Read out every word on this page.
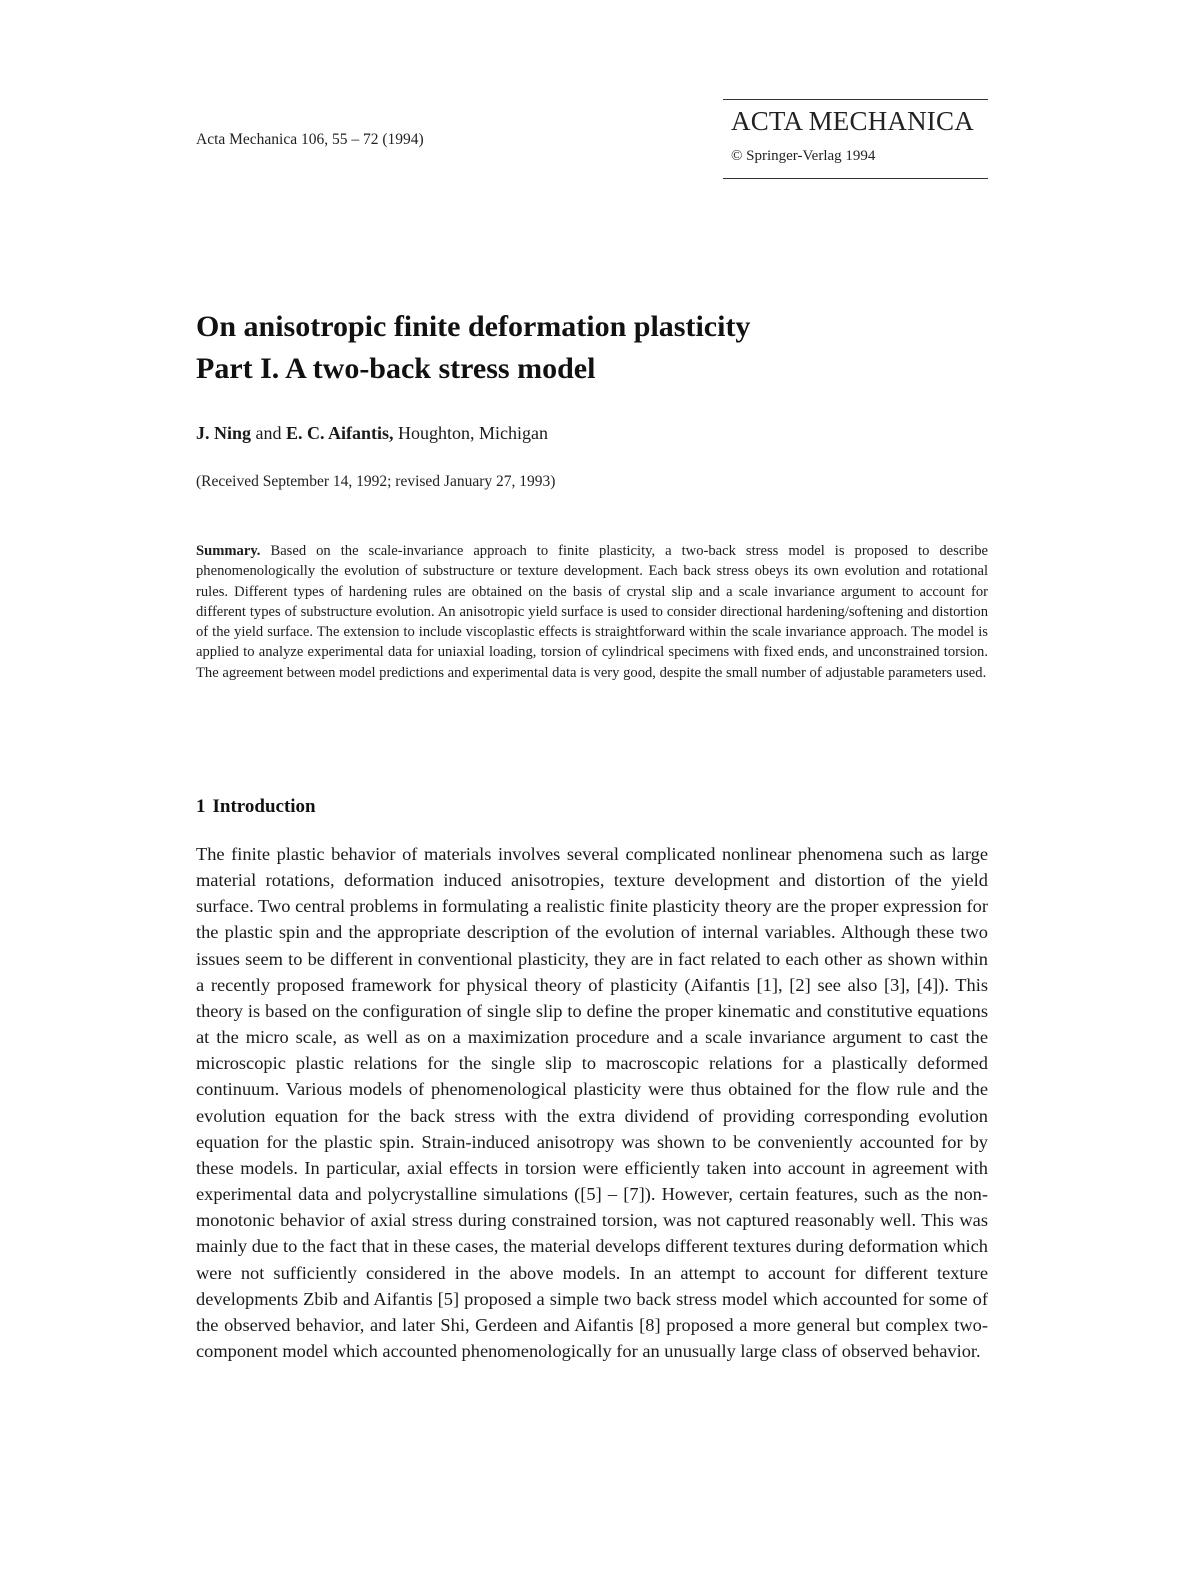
Acta Mechanica 106, 55 – 72 (1994)
ACTA MECHANICA
© Springer-Verlag 1994
On anisotropic finite deformation plasticity
Part I. A two-back stress model
J. Ning and E. C. Aifantis, Houghton, Michigan
(Received September 14, 1992; revised January 27, 1993)

Summary. Based on the scale-invariance approach to finite plasticity, a two-back stress model is proposed to describe phenomenologically the evolution of substructure or texture development. Each back stress obeys its own evolution and rotational rules. Different types of hardening rules are obtained on the basis of crystal slip and a scale invariance argument to account for different types of substructure evolution. An anisotropic yield surface is used to consider directional hardening/softening and distortion of the yield surface. The extension to include viscoplastic effects is straightforward within the scale invariance approach. The model is applied to analyze experimental data for uniaxial loading, torsion of cylindrical specimens with fixed ends, and unconstrained torsion. The agreement between model predictions and experimental data is very good, despite the small number of adjustable parameters used.

1 Introduction

The finite plastic behavior of materials involves several complicated nonlinear phenomena such as large material rotations, deformation induced anisotropies, texture development and distortion of the yield surface. Two central problems in formulating a realistic finite plasticity theory are the proper expression for the plastic spin and the appropriate description of the evolution of internal variables. Although these two issues seem to be different in conventional plasticity, they are in fact related to each other as shown within a recently proposed framework for physical theory of plasticity (Aifantis [1], [2] see also [3], [4]). This theory is based on the configuration of single slip to define the proper kinematic and constitutive equations at the micro scale, as well as on a maximization procedure and a scale invariance argument to cast the microscopic plastic relations for the single slip to macroscopic relations for a plastically deformed continuum. Various models of phenomenological plasticity were thus obtained for the flow rule and the evolution equation for the back stress with the extra dividend of providing corresponding evolution equation for the plastic spin. Strain-induced anisotropy was shown to be conveniently accounted for by these models. In particular, axial effects in torsion were efficiently taken into account in agreement with experimental data and polycrystalline simulations ([5] – [7]). However, certain features, such as the non-monotonic behavior of axial stress during constrained torsion, was not captured reasonably well. This was mainly due to the fact that in these cases, the material develops different textures during deformation which were not sufficiently considered in the above models. In an attempt to account for different texture developments Zbib and Aifantis [5] proposed a simple two back stress model which accounted for some of the observed behavior, and later Shi, Gerdeen and Aifantis [8] proposed a more general but complex two-component model which accounted phenomenologically for an unusually large class of observed behavior.
